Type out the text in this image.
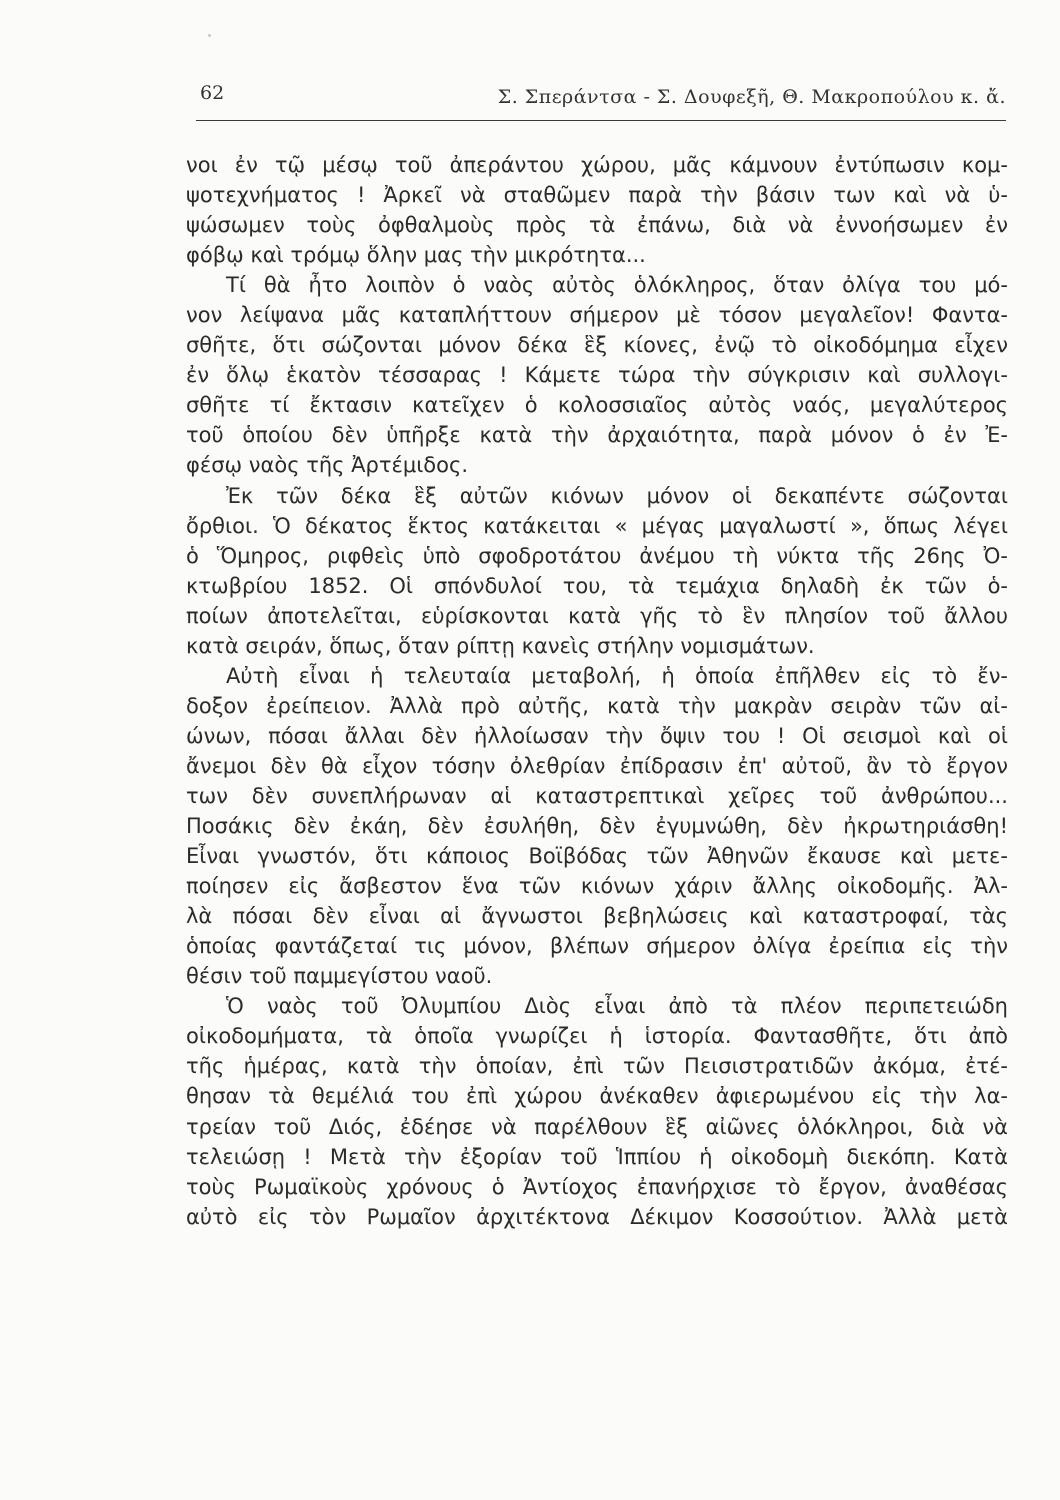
62	Σ. Σπεράντσα - Σ. Δουφεξῆ, Θ. Μακροπούλου κ. ἄ.
νοι ἐν τῷ μέσῳ τοῦ ἀπεράντου χώρου, μᾶς κάμνουν ἐντύπωσιν κομ-
ψοτεχνήματος ! Ἀρκεῖ νὰ σταθῶμεν παρὰ τὴν βάσιν των καὶ νὰ ὑ-
ψώσωμεν τοὺς ὀφθαλμοὺς πρὸς τὰ ἐπάνω, διὰ νὰ ἐννοήσωμεν ἐν
φόβῳ καὶ τρόμῳ ὅλην μας τὴν μικρότητα...
Τί θὰ ἦτο λοιπὸν ὁ ναὸς αὐτὸς ὁλόκληρος, ὅταν ὀλίγα του μό-
νον λείψανα μᾶς καταπλήττουν σήμερον μὲ τόσον μεγαλεῖον! Φαντα-
σθῆτε, ὅτι σώζονται μόνον δέκα ἓξ κίονες, ἐνῷ τὸ οἰκοδόμημα εἶχεν
ἐν ὅλῳ ἑκατὸν τέσσαρας ! Κάμετε τώρα τὴν σύγκρισιν καὶ συλλογι-
σθῆτε τί ἔκτασιν κατεῖχεν ὁ κολοσσιαῖος αὐτὸς ναός, μεγαλύτερος
τοῦ ὁποίου δὲν ὑπῆρξε κατὰ τὴν ἀρχαιότητα, παρὰ μόνον ὁ ἐν Ἐ-
φέσῳ ναὸς τῆς Ἀρτέμιδος.
Ἐκ τῶν δέκα ἓξ αὐτῶν κιόνων μόνον οἱ δεκαπέντε σώζονται
ὄρθιοι. Ὁ δέκατος ἕκτος κατάκειται « μέγας μαγαλωστί », ὅπως λέγει
ὁ Ὅμηρος, ριφθεὶς ὑπὸ σφοδροτάτου ἀνέμου τὴ νύκτα τῆς 26ης Ὀ-
κτωβρίου 1852. Οἱ σπόνδυλοί του, τὰ τεμάχια δηλαδὴ ἐκ τῶν ὁ-
ποίων ἀποτελεῖται, εὑρίσκονται κατὰ γῆς τὸ ἓν πλησίον τοῦ ἄλλου
κατὰ σειράν, ὅπως, ὅταν ρίπτῃ κανεὶς στήλην νομισμάτων.
Αὐτὴ εἶναι ἡ τελευταία μεταβολή, ἡ ὁποία ἐπῆλθεν εἰς τὸ ἔν-
δοξον ἐρείπειον. Ἀλλὰ πρὸ αὐτῆς, κατὰ τὴν μακρὰν σειρὰν τῶν αἰ-
ώνων, πόσαι ἄλλαι δὲν ἠλλοίωσαν τὴν ὄψιν του ! Οἱ σεισμοὶ καὶ οἱ
ἄνεμοι δὲν θὰ εἶχον τόσην ὀλεθρίαν ἐπίδρασιν ἐπ' αὐτοῦ, ἂν τὸ ἔργον
των δὲν συνεπλήρωναν αἱ καταστρεπτικαὶ χεῖρες τοῦ ἀνθρώπου...
Ποσάκις δὲν ἐκάη, δὲν ἐσυλήθη, δὲν ἐγυμνώθη, δὲν ἠκρωτηριάσθη!
Εἶναι γνωστόν, ὅτι κάποιος Βοϊβόδας τῶν Ἀθηνῶν ἔκαυσε καὶ μετε-
ποίησεν εἰς ἄσβεστον ἕνα τῶν κιόνων χάριν ἄλλης οἰκοδομῆς. Ἀλ-
λὰ πόσαι δὲν εἶναι αἱ ἄγνωστοι βεβηλώσεις καὶ καταστροφαί, τὰς
ὁποίας φαντάζεταί τις μόνον, βλέπων σήμερον ὀλίγα ἐρείπια εἰς τὴν
θέσιν τοῦ παμμεγίστου ναοῦ.
Ὁ ναὸς τοῦ Ὀλυμπίου Διὸς εἶναι ἀπὸ τὰ πλέον περιπετειώδη
οἰκοδομήματα, τὰ ὁποῖα γνωρίζει ἡ ἱστορία. Φαντασθῆτε, ὅτι ἀπὸ
τῆς ἡμέρας, κατὰ τὴν ὁποίαν, ἐπὶ τῶν Πεισιστρατιδῶν ἀκόμα, ἐτέ-
θησαν τὰ θεμέλιά του ἐπὶ χώρου ἀνέκαθεν ἀφιερωμένου εἰς τὴν λα-
τρείαν τοῦ Διός, ἐδέησε νὰ παρέλθουν ἓξ αἰῶνες ὁλόκληροι, διὰ νὰ
τελειώσῃ ! Μετὰ τὴν ἐξορίαν τοῦ Ἱππίου ἡ οἰκοδομὴ διεκόπη. Κατὰ
τοὺς Ρωμαϊκοὺς χρόνους ὁ Ἀντίοχος ἐπανήρχισε τὸ ἔργον, ἀναθέσας
αὐτὸ εἰς τὸν Ρωμαῖον ἀρχιτέκτονα Δέκιμον Κοσσούτιον. Ἀλλὰ μετὰ
